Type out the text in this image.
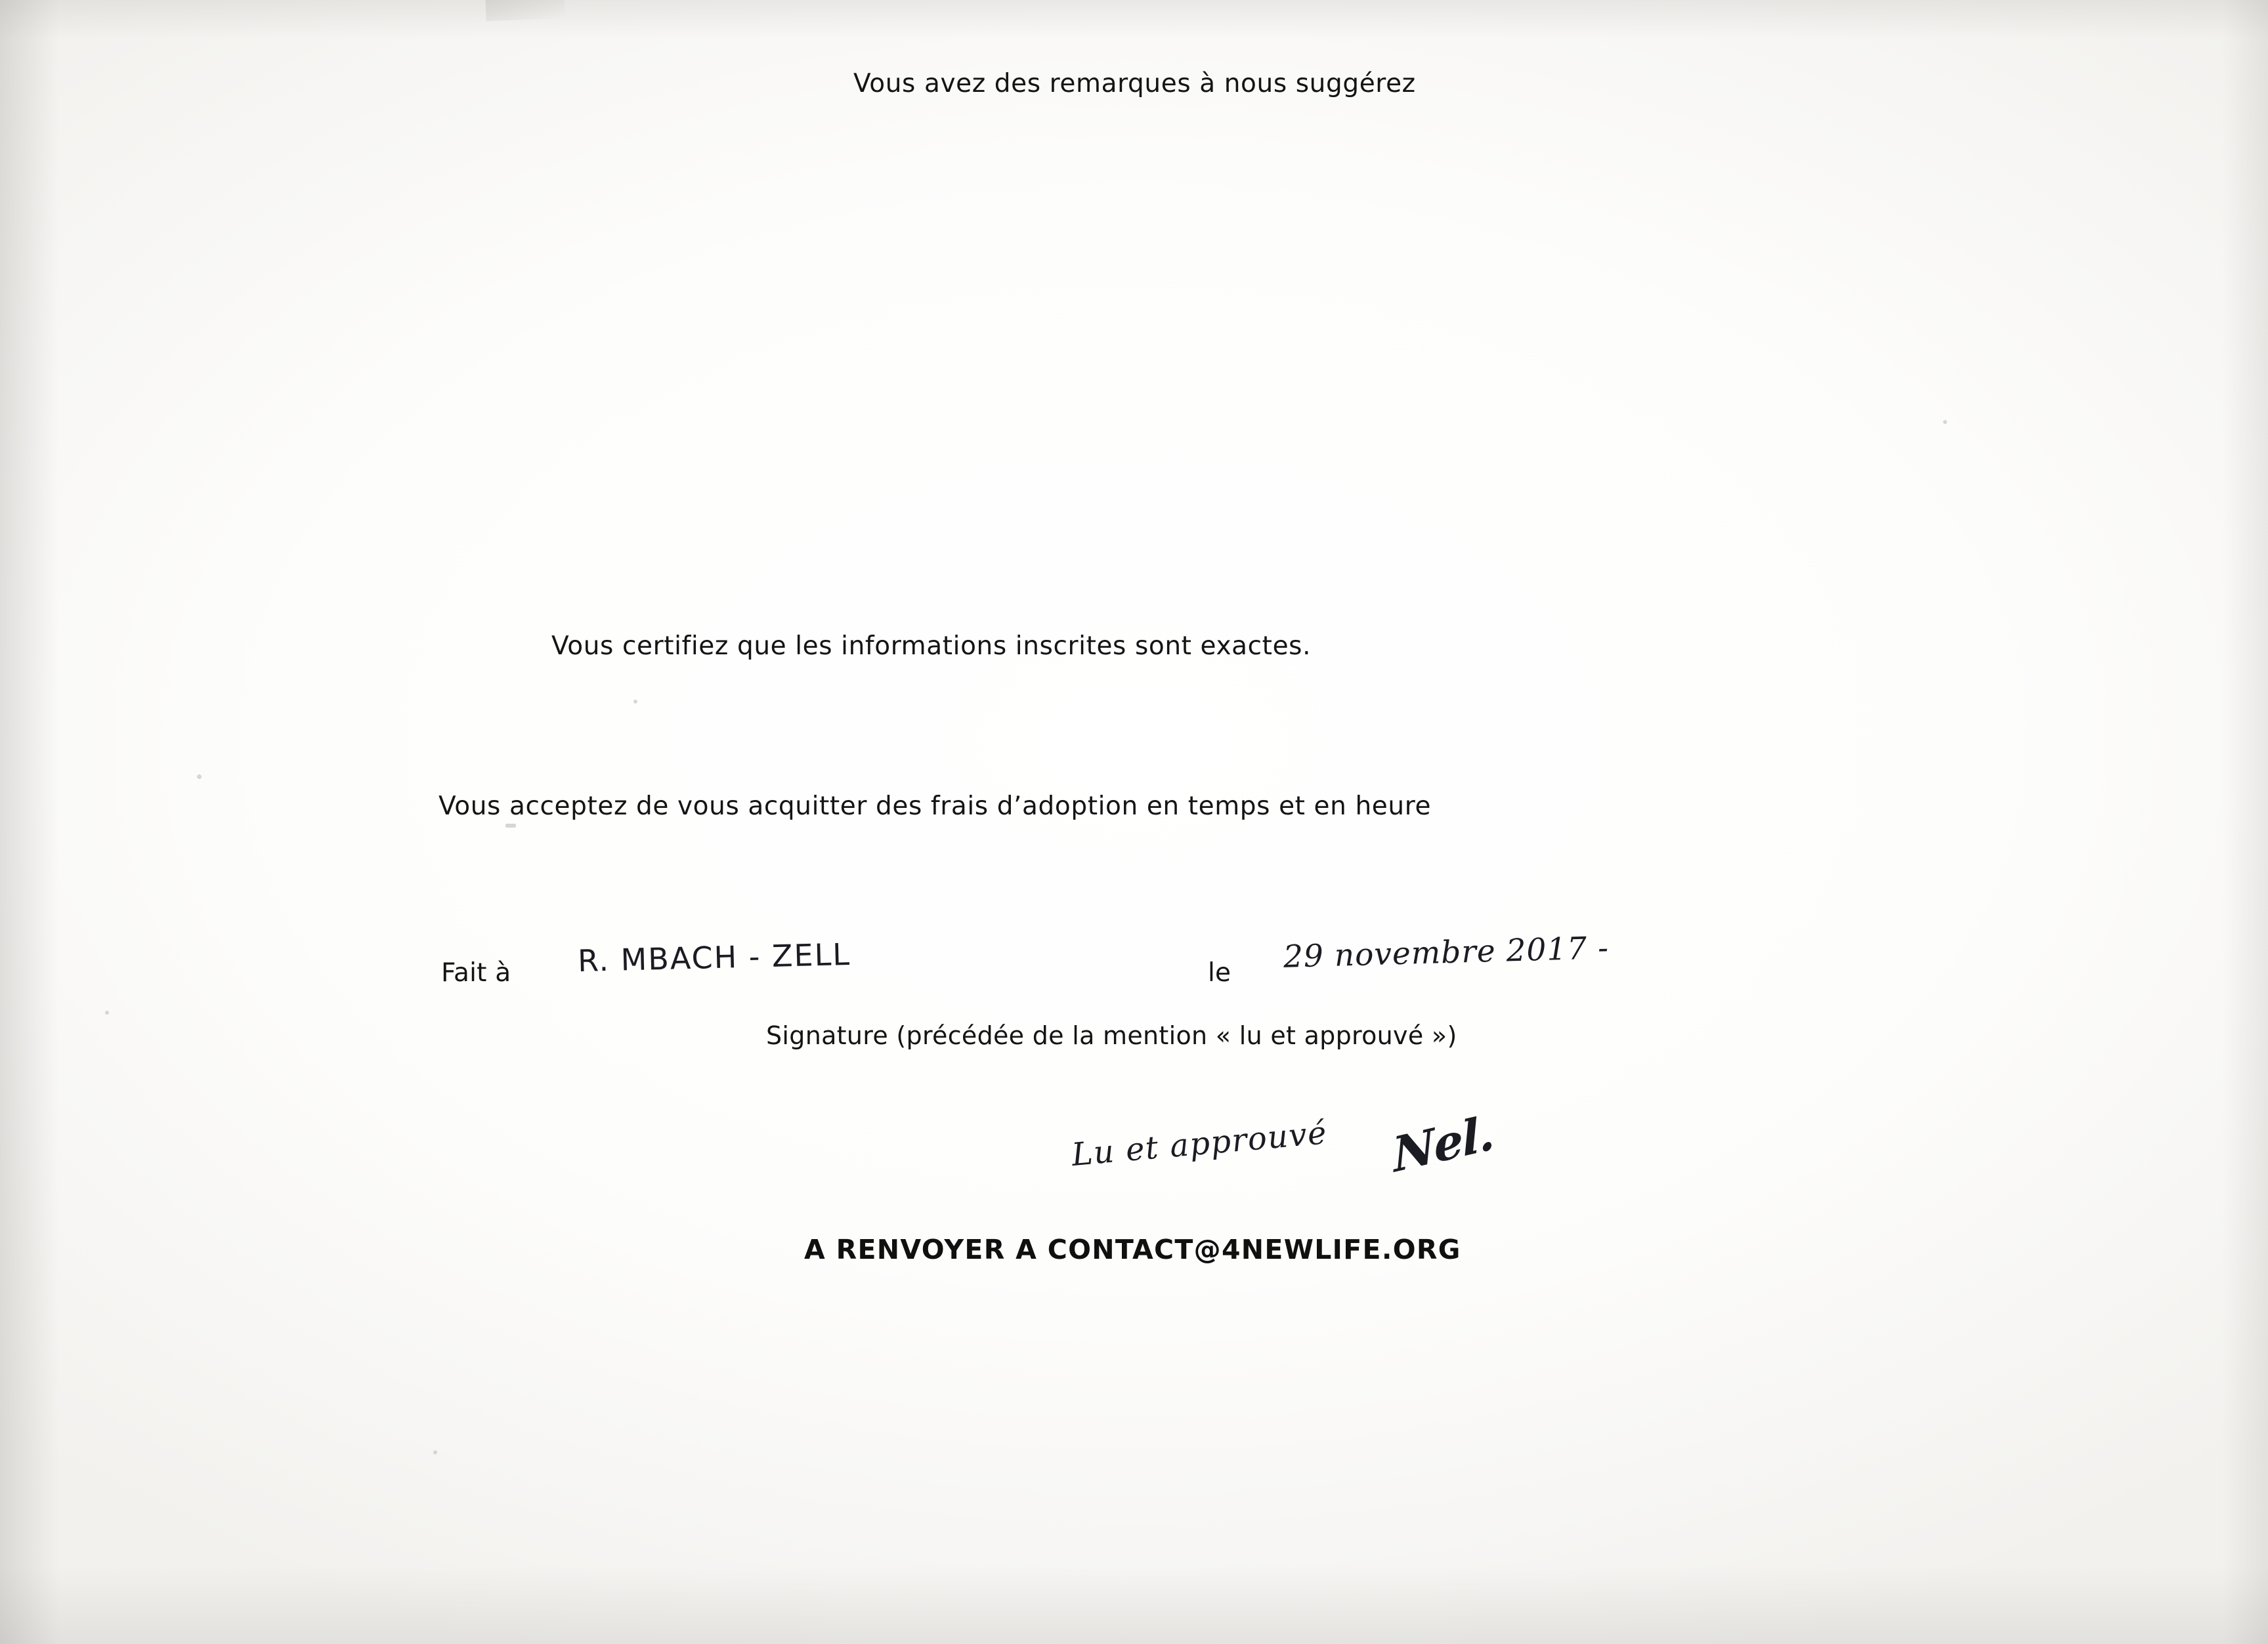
Vous avez des remarques à nous suggérez
Vous certifiez que les informations inscrites sont exactes.
Vous acceptez de vous acquitter des frais d’adoption en temps et en heure
Fait à R. MBACH - ZELL	le 29 novembre 2017 -
Signature (précédée de la mention « lu et approuvé »)
Lu et approuvé Nel.
A RENVOYER A CONTACT@4NEWLIFE.ORG
